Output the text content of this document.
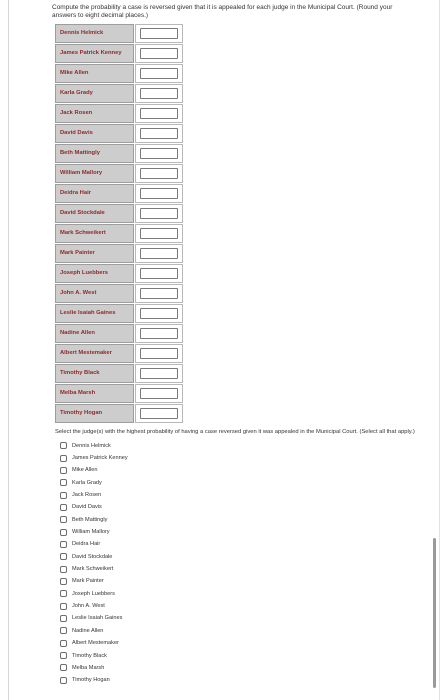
Compute the probability a case is reversed given that it is appealed for each judge in the Municipal Court. (Round your answers to eight decimal places.)

Dennis Helmick
James Patrick Kenney
Mike Allen
Karla Grady
Jack Rosen
David Davis
Beth Mattingly
William Mallory
Deidra Hair
David Stockdale
Mark Schweikert
Mark Painter
Joseph Luebbers
John A. West
Leslie Isaiah Gaines
Nadine Allen
Albert Mestemaker
Timothy Black
Melba Marsh
Timothy Hogan
Select the judge(s) with the highest probability of having a case reversed given it was appealed in the Municipal Court. (Select all that apply.)
Dennis Helmick
James Patrick Kenney
Mike Allen
Karla Grady
Jack Rosen
David Davis
Beth Mattingly
William Mallory
Deidra Hair
David Stockdale
Mark Schweikert
Mark Painter
Joseph Luebbers
John A. West
Leslie Isaiah Gaines
Nadine Allen
Albert Mestemaker
Timothy Black
Melba Marsh
Timothy Hogan
